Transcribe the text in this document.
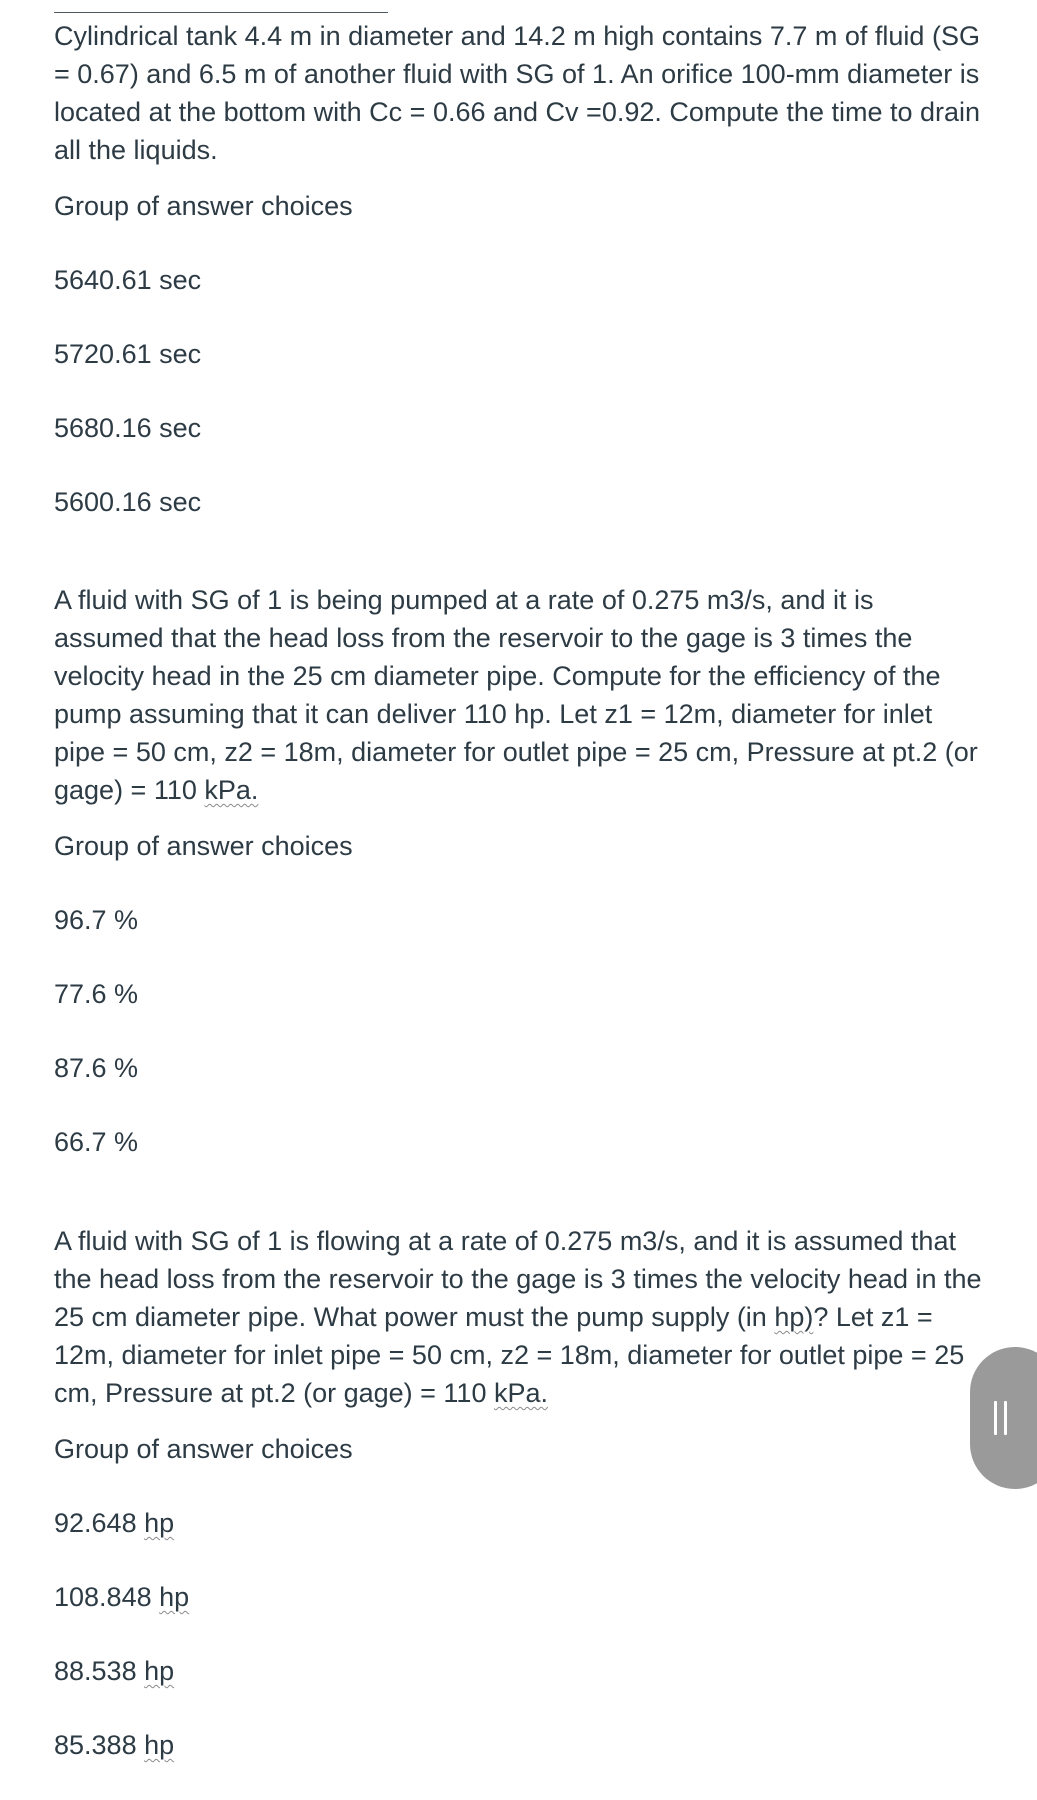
Cylindrical tank 4.4 m in diameter and 14.2 m high contains 7.7 m of fluid (SG = 0.67) and 6.5 m of another fluid with SG of 1. An orifice 100-mm diameter is located at the bottom with Cc = 0.66 and Cv =0.92. Compute the time to drain all the liquids.

Group of answer choices
5640.61 sec
5720.61 sec
5680.16 sec
5600.16 sec

A fluid with SG of 1 is being pumped at a rate of 0.275 m3/s, and it is assumed that the head loss from the reservoir to the gage is 3 times the velocity head in the 25 cm diameter pipe. Compute for the efficiency of the pump assuming that it can deliver 110 hp. Let z1 = 12m, diameter for inlet pipe = 50 cm, z2 = 18m, diameter for outlet pipe = 25 cm, Pressure at pt.2 (or gage) = 110 kPa.

Group of answer choices
96.7 %
77.6 %
87.6 %
66.7 %

A fluid with SG of 1 is flowing at a rate of 0.275 m3/s, and it is assumed that the head loss from the reservoir to the gage is 3 times the velocity head in the 25 cm diameter pipe. What power must the pump supply (in hp)? Let z1 = 12m, diameter for inlet pipe = 50 cm, z2 = 18m, diameter for outlet pipe = 25 cm, Pressure at pt.2 (or gage) = 110 kPa.

Group of answer choices
92.648 hp
108.848 hp
88.538 hp
85.388 hp
